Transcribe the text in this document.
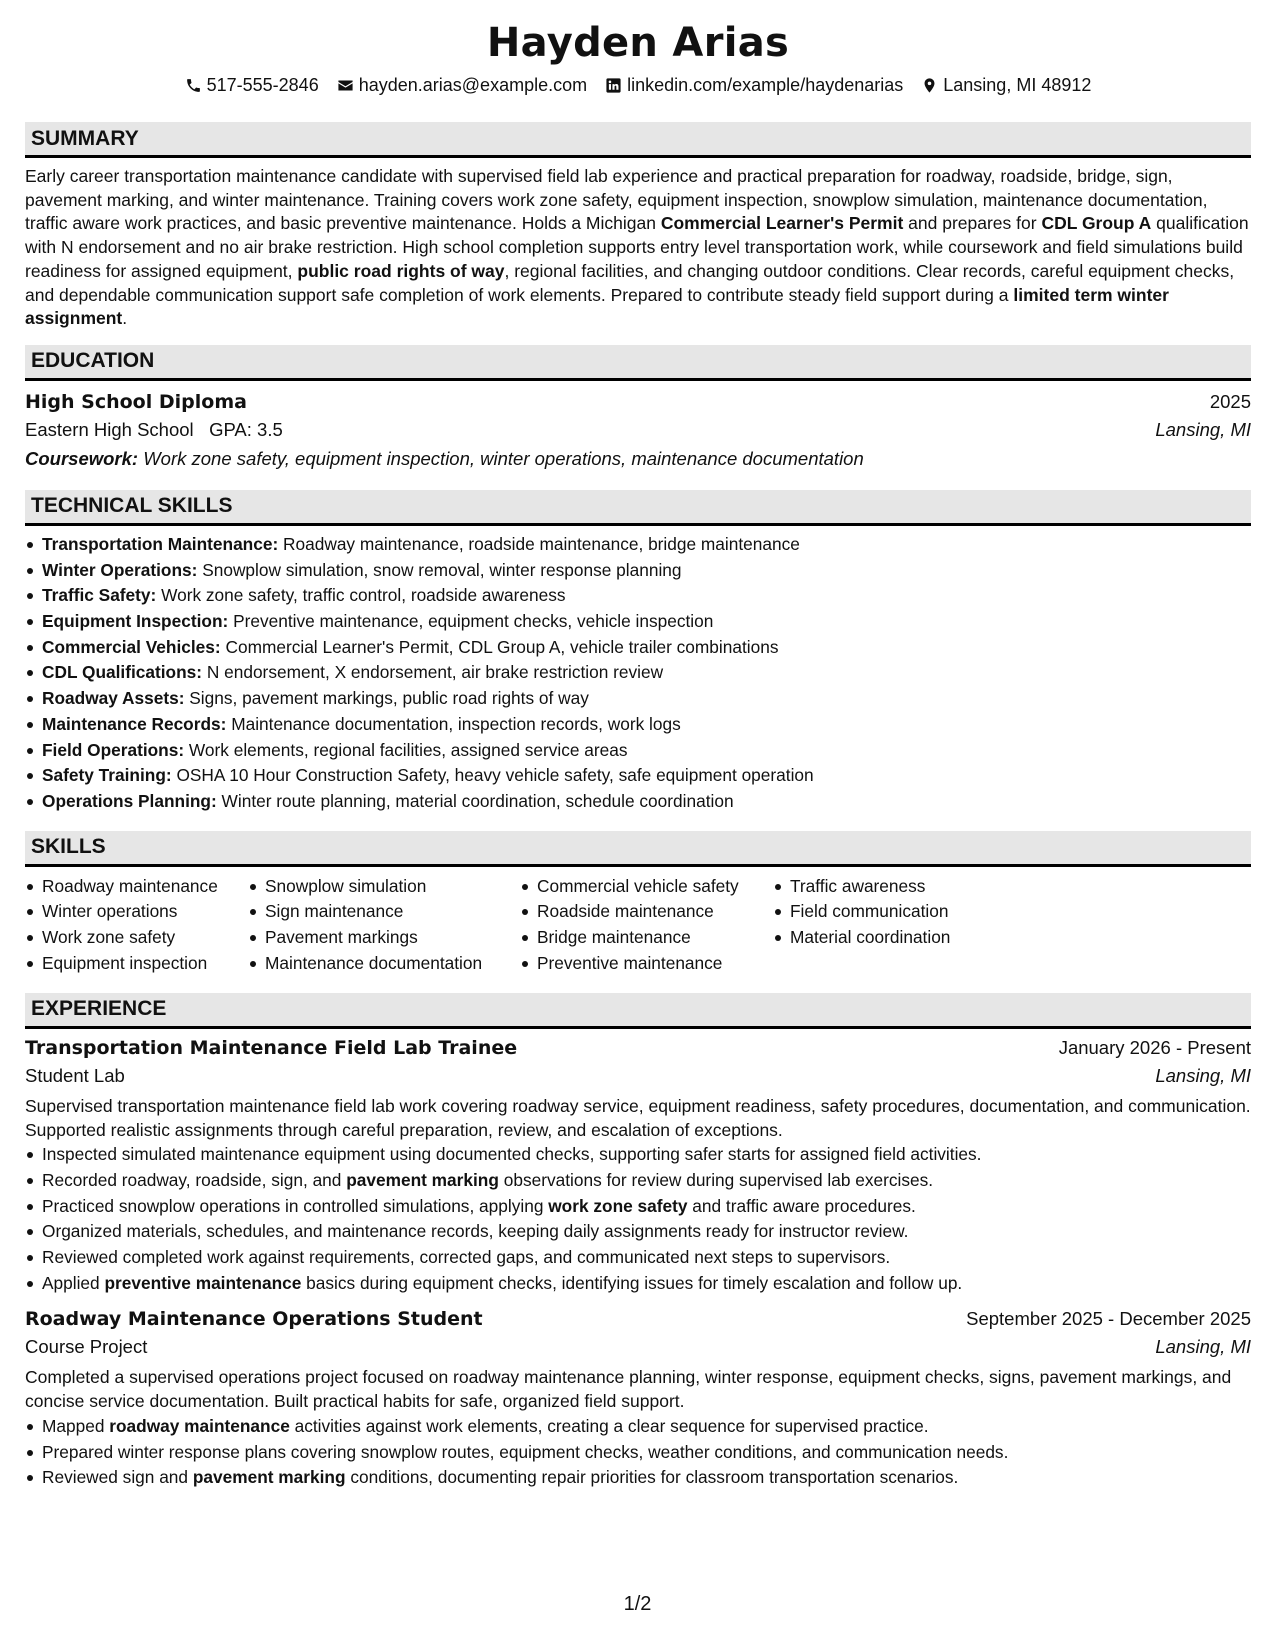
Hayden Arias
517-555-2846 hayden.arias@example.com linkedin.com/example/haydenarias Lansing, MI 48912
SUMMARY

Early career transportation maintenance candidate with supervised field lab experience and practical preparation for roadway, roadside, bridge, sign, pavement marking, and winter maintenance. Training covers work zone safety, equipment inspection, snowplow simulation, maintenance documentation, traffic aware work practices, and basic preventive maintenance. Holds a Michigan Commercial Learner's Permit and prepares for CDL Group A qualification with N endorsement and no air brake restriction. High school completion supports entry level transportation work, while coursework and field simulations build readiness for assigned equipment, public road rights of way, regional facilities, and changing outdoor conditions. Clear records, careful equipment checks, and dependable communication support safe completion of work elements. Prepared to contribute steady field support during a limited term winter assignment.

EDUCATION
High School Diploma	2025
Eastern High School GPA: 3.5	Lansing, MI
Coursework: Work zone safety, equipment inspection, winter operations, maintenance documentation
TECHNICAL SKILLS
Transportation Maintenance: Roadway maintenance, roadside maintenance, bridge maintenance
Winter Operations: Snowplow simulation, snow removal, winter response planning
Traffic Safety: Work zone safety, traffic control, roadside awareness
Equipment Inspection: Preventive maintenance, equipment checks, vehicle inspection
Commercial Vehicles: Commercial Learner's Permit, CDL Group A, vehicle trailer combinations
CDL Qualifications: N endorsement, X endorsement, air brake restriction review
Roadway Assets: Signs, pavement markings, public road rights of way
Maintenance Records: Maintenance documentation, inspection records, work logs
Field Operations: Work elements, regional facilities, assigned service areas
Safety Training: OSHA 10 Hour Construction Safety, heavy vehicle safety, safe equipment operation
Operations Planning: Winter route planning, material coordination, schedule coordination
SKILLS
Roadway maintenance
Winter operations
Work zone safety
Equipment inspection
Snowplow simulation
Sign maintenance
Pavement markings
Maintenance documentation
Commercial vehicle safety
Roadside maintenance
Bridge maintenance
Preventive maintenance
Traffic awareness
Field communication
Material coordination
EXPERIENCE
Transportation Maintenance Field Lab Trainee	January 2026 - Present
Student Lab	Lansing, MI

Supervised transportation maintenance field lab work covering roadway service, equipment readiness, safety procedures, documentation, and communication. Supported realistic assignments through careful preparation, review, and escalation of exceptions.

Inspected simulated maintenance equipment using documented checks, supporting safer starts for assigned field activities.
Recorded roadway, roadside, sign, and pavement marking observations for review during supervised lab exercises.
Practiced snowplow operations in controlled simulations, applying work zone safety and traffic aware procedures.
Organized materials, schedules, and maintenance records, keeping daily assignments ready for instructor review.
Reviewed completed work against requirements, corrected gaps, and communicated next steps to supervisors.
Applied preventive maintenance basics during equipment checks, identifying issues for timely escalation and follow up.
Roadway Maintenance Operations Student	September 2025 - December 2025
Course Project	Lansing, MI

Completed a supervised operations project focused on roadway maintenance planning, winter response, equipment checks, signs, pavement markings, and concise service documentation. Built practical habits for safe, organized field support.

Mapped roadway maintenance activities against work elements, creating a clear sequence for supervised practice.
Prepared winter response plans covering snowplow routes, equipment checks, weather conditions, and communication needs.
Reviewed sign and pavement marking conditions, documenting repair priorities for classroom transportation scenarios.
1/2
